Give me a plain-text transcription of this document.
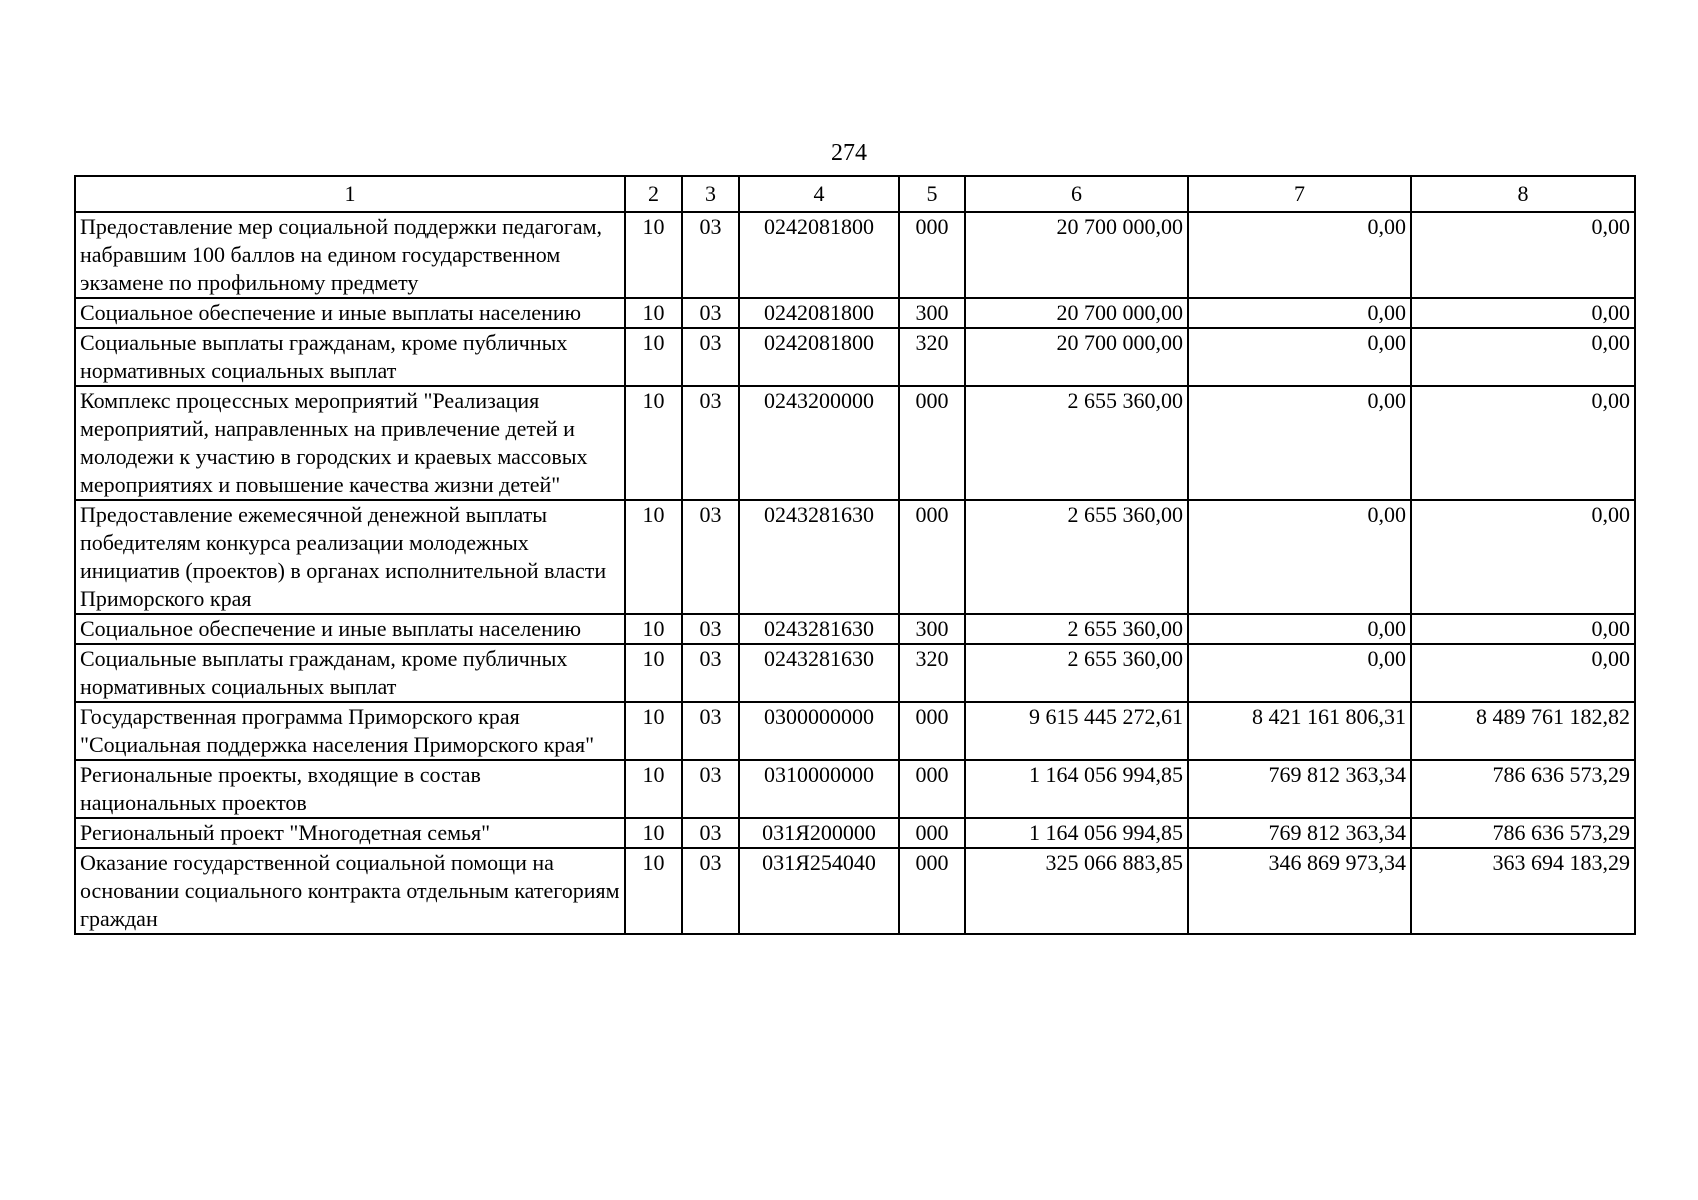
274
1	2	3	4	5	6	7	8
Предоставление мер социальной поддержки педагогам, набравшим 100 баллов на едином государственном экзамене по профильному предмету	10	03	0242081800	000	20 700 000,00	0,00	0,00
Социальное обеспечение и иные выплаты населению	10	03	0242081800	300	20 700 000,00	0,00	0,00
Социальные выплаты гражданам, кроме публичных нормативных социальных выплат	10	03	0242081800	320	20 700 000,00	0,00	0,00
Комплекс процессных мероприятий "Реализация мероприятий, направленных на привлечение детей и молодежи к участию в городских и краевых массовых мероприятиях и повышение качества жизни детей"	10	03	0243200000	000	2 655 360,00	0,00	0,00
Предоставление ежемесячной денежной выплаты победителям конкурса реализации молодежных инициатив (проектов) в органах исполнительной власти Приморского края	10	03	0243281630	000	2 655 360,00	0,00	0,00
Социальное обеспечение и иные выплаты населению	10	03	0243281630	300	2 655 360,00	0,00	0,00
Социальные выплаты гражданам, кроме публичных нормативных социальных выплат	10	03	0243281630	320	2 655 360,00	0,00	0,00
Государственная программа Приморского края "Социальная поддержка населения Приморского края"	10	03	0300000000	000	9 615 445 272,61	8 421 161 806,31	8 489 761 182,82
Региональные проекты, входящие в состав национальных проектов	10	03	0310000000	000	1 164 056 994,85	769 812 363,34	786 636 573,29
Региональный проект "Многодетная семья"	10	03	031Я200000	000	1 164 056 994,85	769 812 363,34	786 636 573,29
Оказание государственной социальной помощи на основании социального контракта отдельным категориям граждан	10	03	031Я254040	000	325 066 883,85	346 869 973,34	363 694 183,29
